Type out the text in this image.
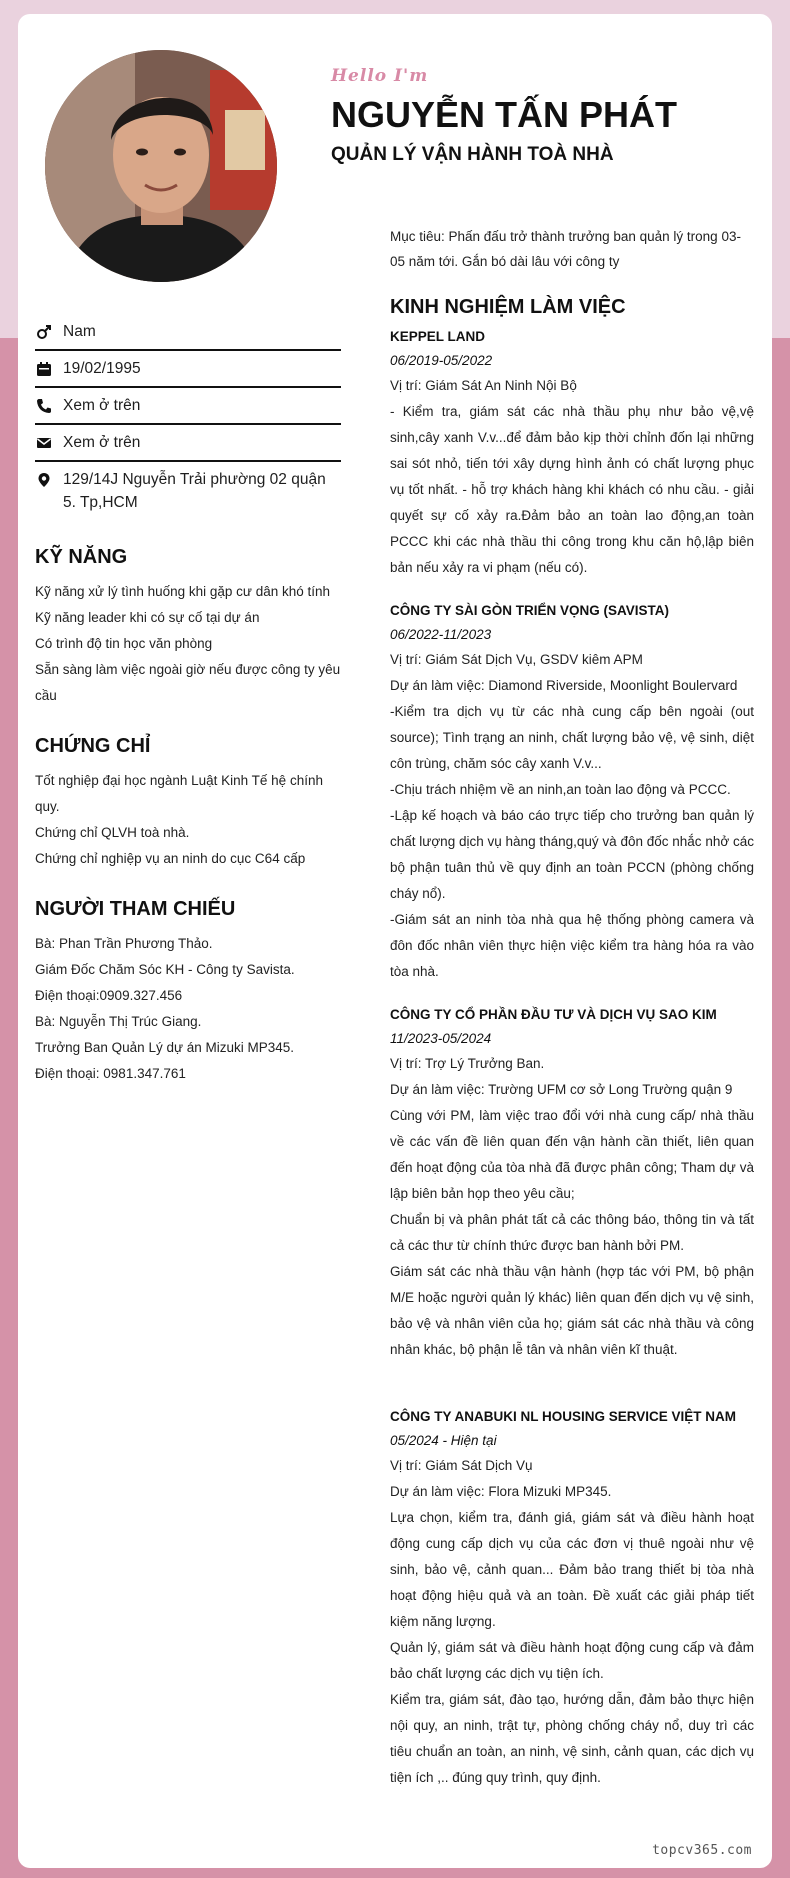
Hello I'm
NGUYỄN TẤN PHÁT
QUẢN LÝ VẬN HÀNH TOÀ NHÀ
Nam
19/02/1995
Xem ở trên
Xem ở trên
129/14J Nguyễn Trải phường 02 quận 5. Tp,HCM
KỸ NĂNG
Kỹ năng xử lý tình huống khi gặp cư dân khó tính
Kỹ năng leader khi có sự cố tại dự án
Có trình độ tin học văn phòng
Sẵn sàng làm việc ngoài giờ nếu được công ty yêu cầu
CHỨNG CHỈ
Tốt nghiệp đại học ngành Luật Kinh Tế hệ chính quy.
Chứng chỉ QLVH toà nhà.
Chứng chỉ nghiệp vụ an ninh do cục C64 cấp
NGƯỜI THAM CHIẾU
Bà: Phan Trần Phương Thảo.
Giám Đốc Chăm Sóc KH - Công ty Savista.
Điện thoại:0909.327.456
Bà: Nguyễn Thị Trúc Giang.
Trưởng Ban Quản Lý dự án Mizuki MP345.
Điện thoại: 0981.347.761
Mục tiêu: Phấn đấu trở thành trưởng ban quản lý trong 03-05 năm tới. Gắn bó dài lâu với công ty
KINH NGHIỆM LÀM VIỆC
KEPPEL LAND
06/2019-05/2022
Vị trí: Giám Sát An Ninh Nội Bộ
- Kiểm tra, giám sát các nhà thầu phụ như bảo vệ,vệ sinh,cây xanh V.v...để đảm bảo kịp thời chỉnh đốn lại những sai sót nhỏ, tiến tới xây dựng hình ảnh có chất lượng phục vụ tốt nhất. - hỗ trợ khách hàng khi khách có nhu cầu. - giải quyết sự cố xảy ra.Đảm bảo an toàn lao động,an toàn PCCC khi các nhà thầu thi công trong khu căn hộ,lập biên bản nếu xảy ra vi phạm (nếu có).
CÔNG TY SÀI GÒN TRIỂN VỌNG (SAVISTA)
06/2022-11/2023
Vị trí: Giám Sát Dịch Vụ, GSDV kiêm APM
Dự án làm việc: Diamond Riverside, Moonlight Boulervard
-Kiểm tra dịch vụ từ các nhà cung cấp bên ngoài (out source); Tình trạng an ninh, chất lượng bảo vệ, vệ sinh, diệt côn trùng, chăm sóc cây xanh V.v...
-Chịu trách nhiệm về an ninh,an toàn lao động và PCCC.
-Lập kế hoạch và báo cáo trực tiếp cho trưởng ban quản lý chất lượng dịch vụ hàng tháng,quý và đôn đốc nhắc nhở các bộ phận tuân thủ về quy định an toàn PCCN (phòng chống cháy nổ).
-Giám sát an ninh tòa nhà qua hệ thống phòng camera và đôn đốc nhân viên thực hiện việc kiểm tra hàng hóa ra vào tòa nhà.
CÔNG TY CỔ PHẦN ĐẦU TƯ VÀ DỊCH VỤ SAO KIM
11/2023-05/2024
Vị trí: Trợ Lý Trưởng Ban.
Dự án làm việc: Trường UFM cơ sở Long Trường quận 9
Cùng với PM, làm việc trao đổi với nhà cung cấp/ nhà thầu về các vấn đề liên quan đến vận hành cần thiết, liên quan đến hoạt động của tòa nhà đã được phân công; Tham dự và lập biên bản họp theo yêu cầu;
Chuẩn bị và phân phát tất cả các thông báo, thông tin và tất cả các thư từ chính thức được ban hành bởi PM.
Giám sát các nhà thầu vận hành (hợp tác với PM, bộ phận M/E hoặc người quản lý khác) liên quan đến dịch vụ vệ sinh, bảo vệ và nhân viên của họ; giám sát các nhà thầu và công nhân khác, bộ phận lễ tân và nhân viên kĩ thuật.
CÔNG TY ANABUKI NL HOUSING SERVICE VIỆT NAM
05/2024 - Hiện tại
Vị trí: Giám Sát Dịch Vụ
Dự án làm việc: Flora Mizuki MP345.
Lựa chọn, kiểm tra, đánh giá, giám sát và điều hành hoạt động cung cấp dịch vụ của các đơn vị thuê ngoài như vệ sinh, bảo vệ, cảnh quan... Đảm bảo trang thiết bị tòa nhà hoạt động hiệu quả và an toàn. Đề xuất các giải pháp tiết kiệm năng lượng.
Quản lý, giám sát và điều hành hoạt động cung cấp và đảm bảo chất lượng các dịch vụ tiện ích.
Kiểm tra, giám sát, đào tạo, hướng dẫn, đảm bảo thực hiện nội quy, an ninh, trật tự, phòng chống cháy nổ, duy trì các tiêu chuẩn an toàn, an ninh, vệ sinh, cảnh quan, các dịch vụ tiện ích ,.. đúng quy trình, quy định.
topcv365.com
